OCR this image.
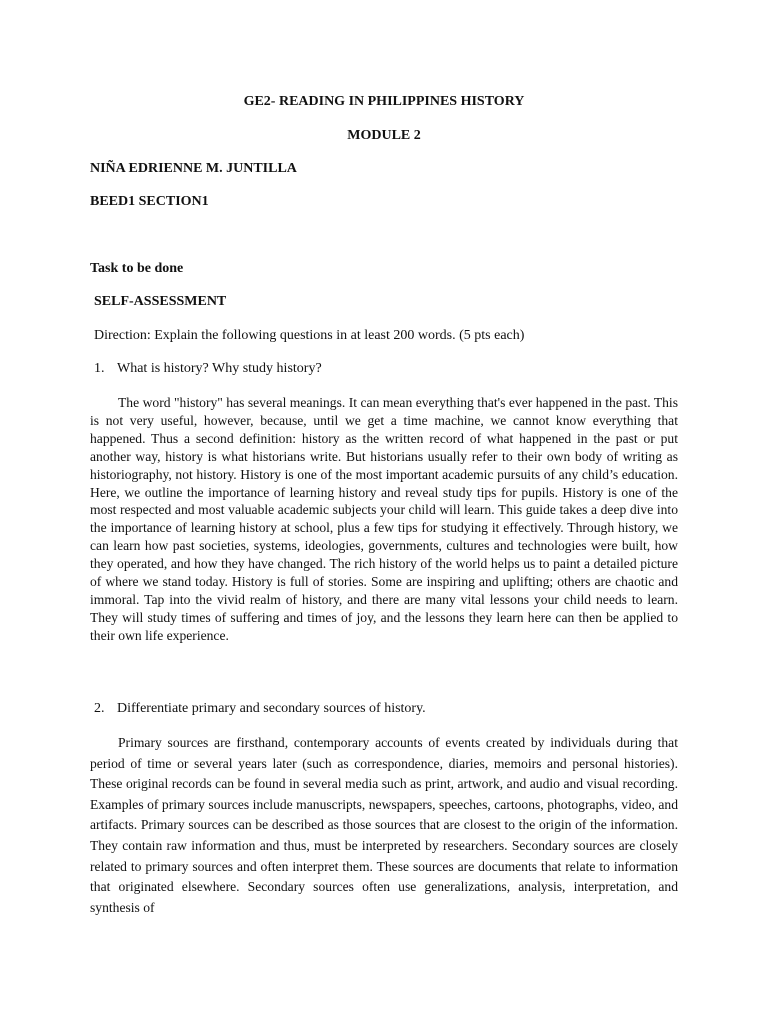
GE2- READING IN PHILIPPINES HISTORY

MODULE 2

NIÑA EDRIENNE M. JUNTILLA

BEED1 SECTION1

Task to be done

SELF-ASSESSMENT

Direction: Explain the following questions in at least 200 words. (5 pts each)

1. What is history? Why study history?

The word "history" has several meanings. It can mean everything that's ever happened in the past. This is not very useful, however, because, until we get a time machine, we cannot know everything that happened. Thus a second definition: history as the written record of what happened in the past or put another way, history is what historians write. But historians usually refer to their own body of writing as historiography, not history. History is one of the most important academic pursuits of any child’s education. Here, we outline the importance of learning history and reveal study tips for pupils. History is one of the most respected and most valuable academic subjects your child will learn. This guide takes a deep dive into the importance of learning history at school, plus a few tips for studying it effectively. Through history, we can learn how past societies, systems, ideologies, governments, cultures and technologies were built, how they operated, and how they have changed. The rich history of the world helps us to paint a detailed picture of where we stand today. History is full of stories. Some are inspiring and uplifting; others are chaotic and immoral. Tap into the vivid realm of history, and there are many vital lessons your child needs to learn. They will study times of suffering and times of joy, and the lessons they learn here can then be applied to their own life experience.

2. Differentiate primary and secondary sources of history.

Primary sources are firsthand, contemporary accounts of events created by individuals during that period of time or several years later (such as correspondence, diaries, memoirs and personal histories). These original records can be found in several media such as print, artwork, and audio and visual recording. Examples of primary sources include manuscripts, newspapers, speeches, cartoons, photographs, video, and artifacts. Primary sources can be described as those sources that are closest to the origin of the information. They contain raw information and thus, must be interpreted by researchers. Secondary sources are closely related to primary sources and often interpret them. These sources are documents that relate to information that originated elsewhere. Secondary sources often use generalizations, analysis, interpretation, and synthesis of
